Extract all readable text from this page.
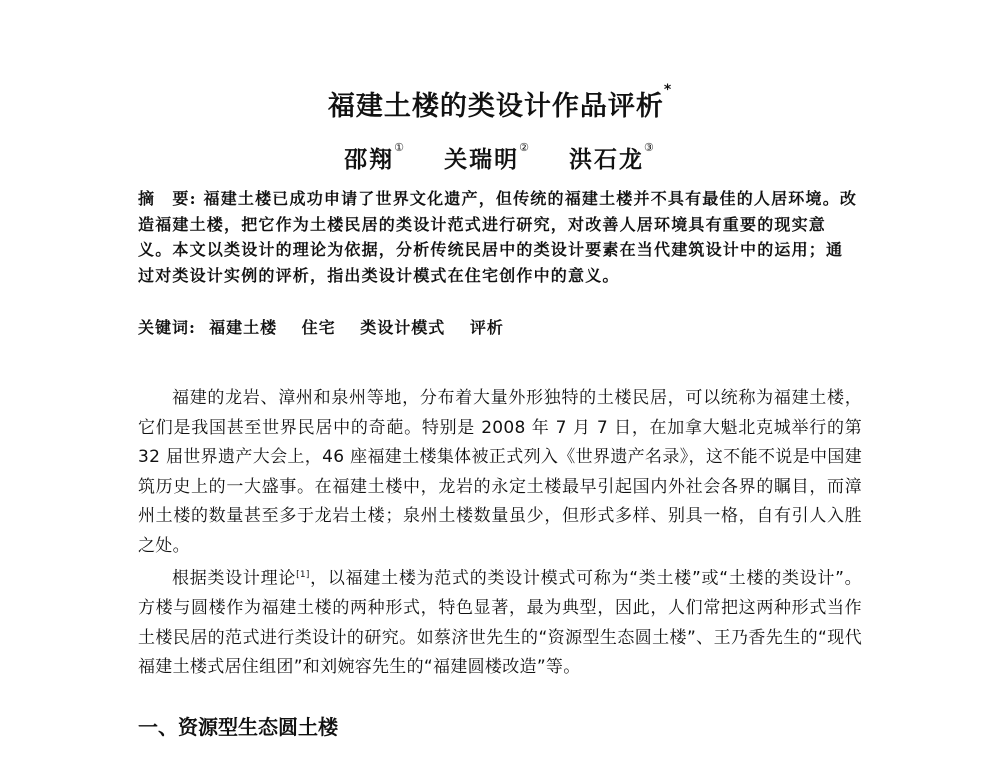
福建土楼的类设计作品评析*
邵翔① 关瑞明② 洪石龙③
摘　要: 福建土楼已成功申请了世界文化遗产，但传统的福建土楼并不具有最佳的人居环境。改造福建土楼，把它作为土楼民居的类设计范式进行研究，对改善人居环境具有重要的现实意义。本文以类设计的理论为依据，分析传统民居中的类设计要素在当代建筑设计中的运用；通过对类设计实例的评析，指出类设计模式在住宅创作中的意义。
关键词: 福建土楼 住宅 类设计模式 评析

福建的龙岩、漳州和泉州等地，分布着大量外形独特的土楼民居，可以统称为福建土楼，它们是我国甚至世界民居中的奇葩。特别是 2008 年 7 月 7 日，在加拿大魁北克城举行的第 32 届世界遗产大会上，46 座福建土楼集体被正式列入《世界遗产名录》，这不能不说是中国建筑历史上的一大盛事。在福建土楼中，龙岩的永定土楼最早引起国内外社会各界的瞩目，而漳州土楼的数量甚至多于龙岩土楼；泉州土楼数量虽少，但形式多样、别具一格，自有引人入胜之处。

根据类设计理论[1]，以福建土楼为范式的类设计模式可称为“类土楼”或“土楼的类设计”。方楼与圆楼作为福建土楼的两种形式，特色显著，最为典型，因此，人们常把这两种形式当作土楼民居的范式进行类设计的研究。如蔡济世先生的“资源型生态圆土楼”、王乃香先生的“现代福建土楼式居住组团”和刘婉容先生的“福建圆楼改造”等。

一、资源型生态圆土楼
